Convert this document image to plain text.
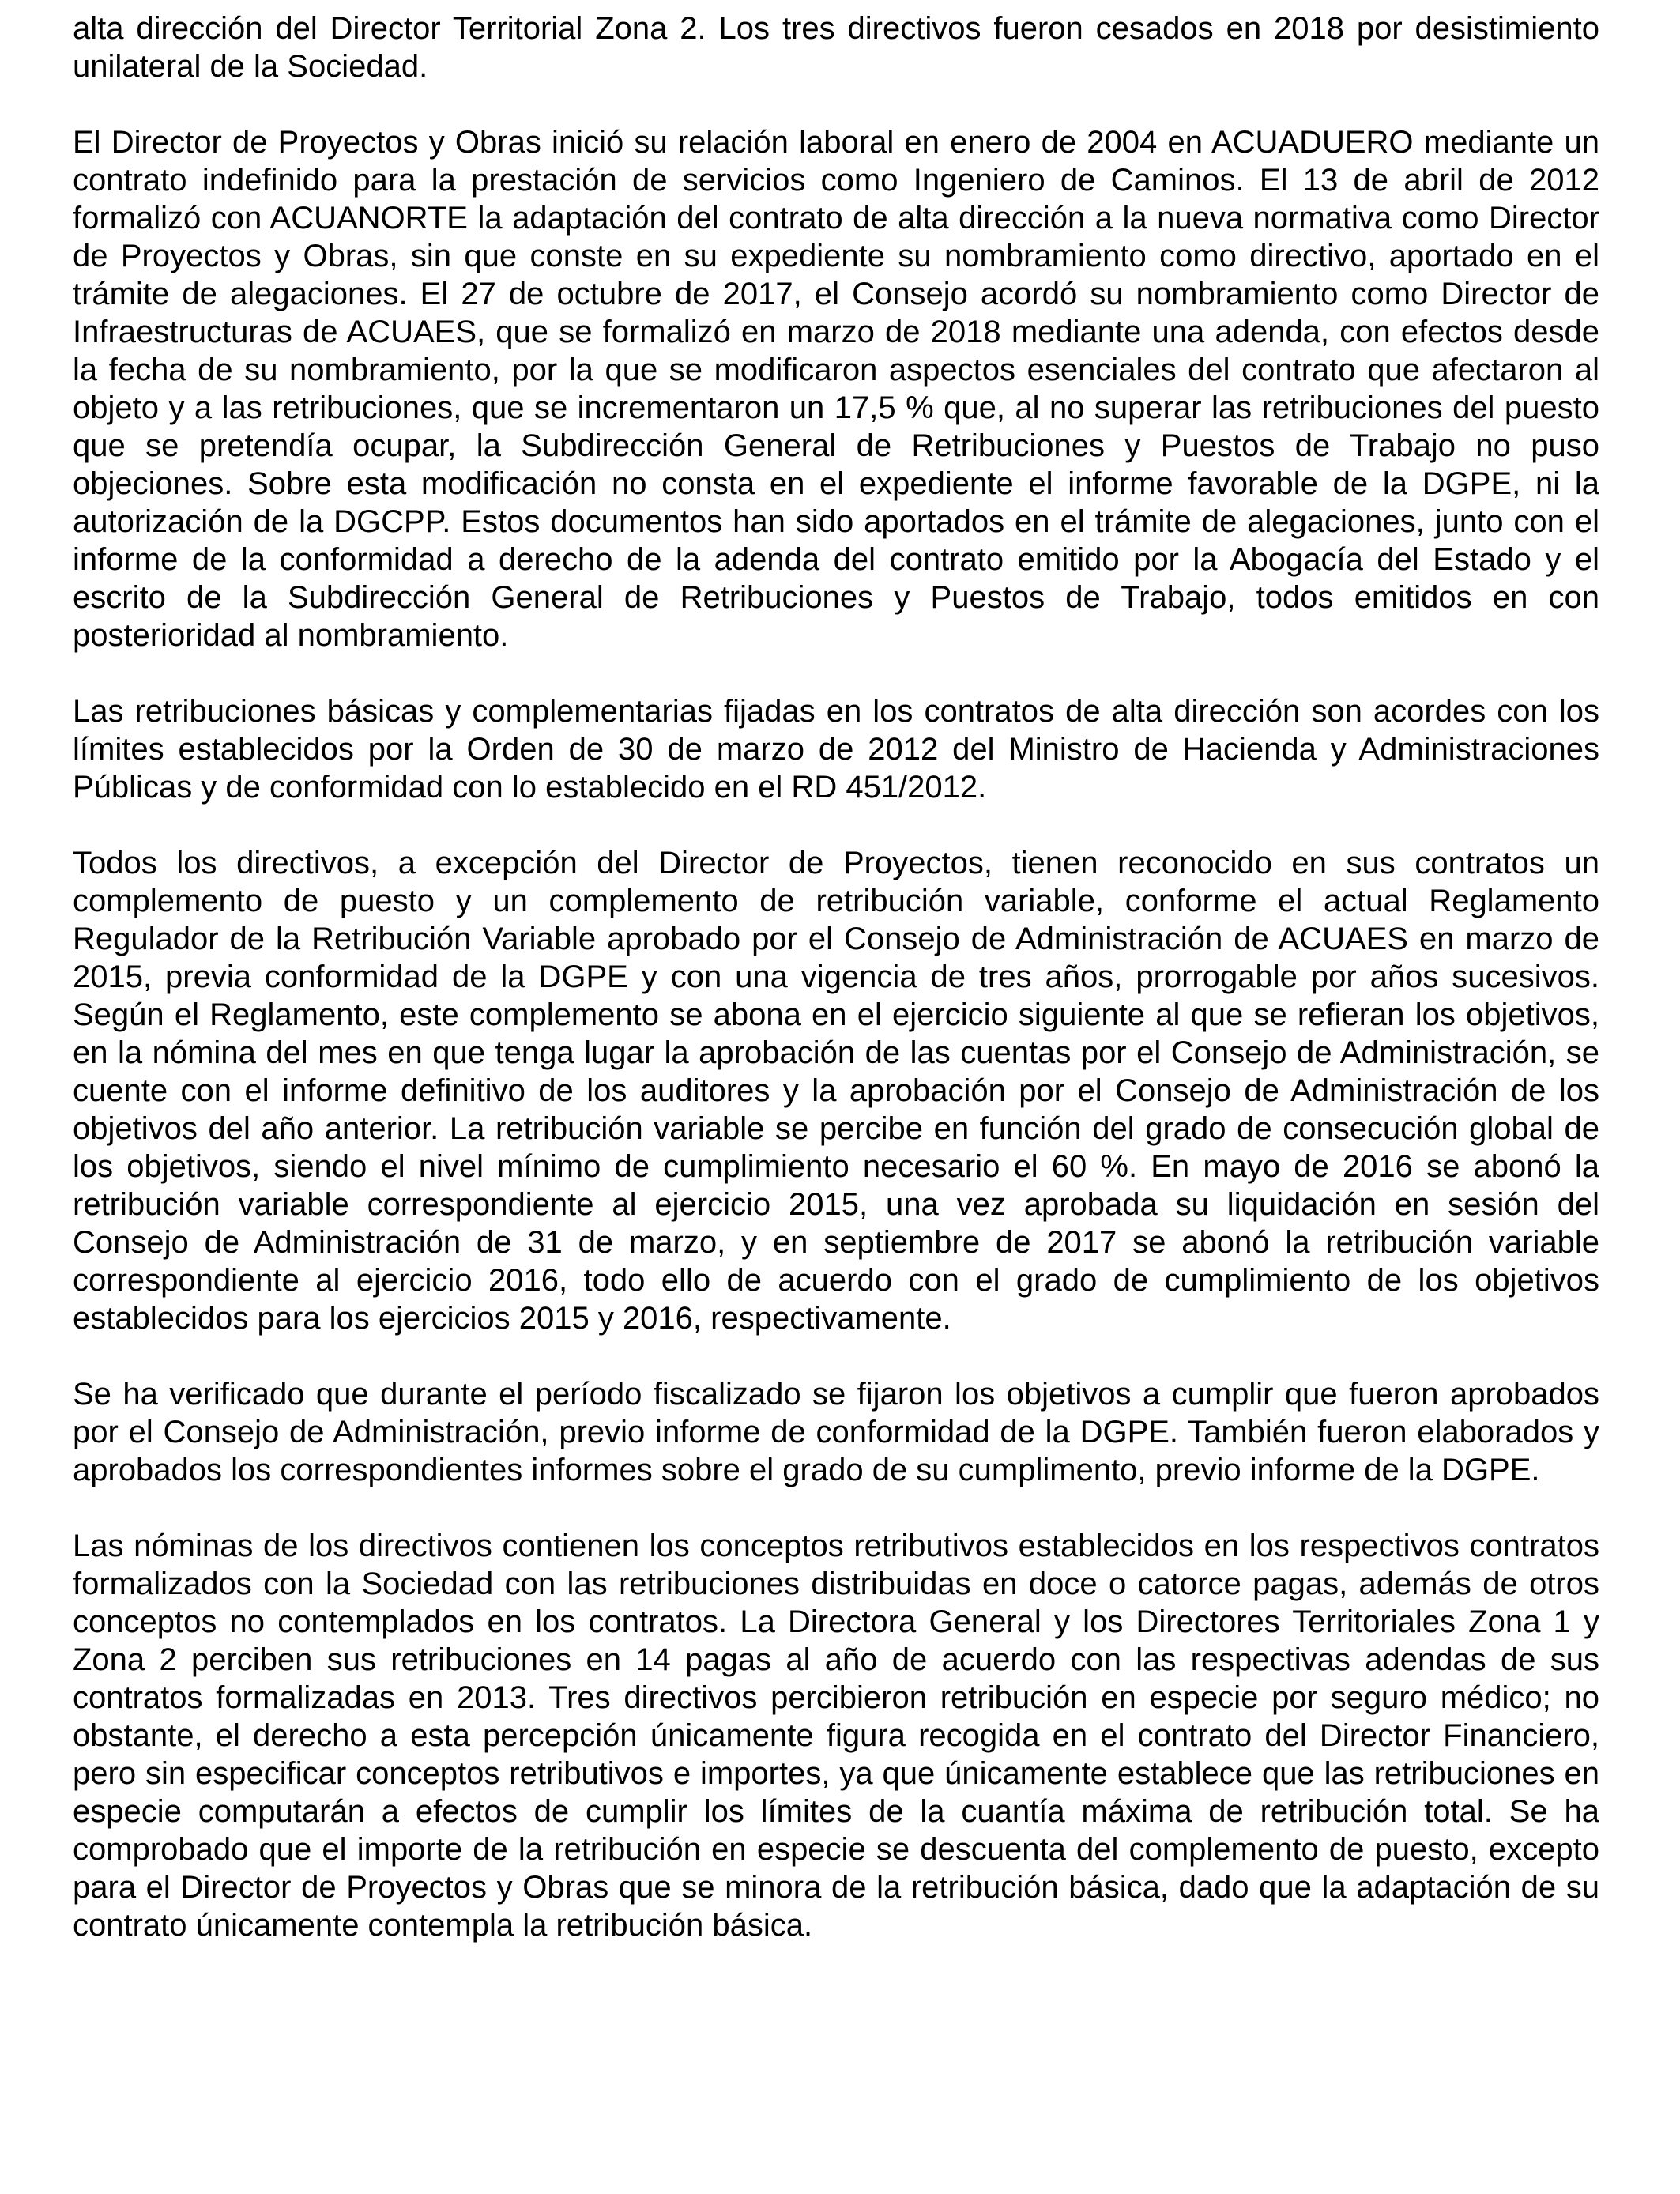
alta dirección del Director Territorial Zona 2. Los tres directivos fueron cesados en 2018 por desistimiento unilateral de la Sociedad.

El Director de Proyectos y Obras inició su relación laboral en enero de 2004 en ACUADUERO mediante un contrato indefinido para la prestación de servicios como Ingeniero de Caminos. El 13 de abril de 2012 formalizó con ACUANORTE la adaptación del contrato de alta dirección a la nueva normativa como Director de Proyectos y Obras, sin que conste en su expediente su nombramiento como directivo, aportado en el trámite de alegaciones. El 27 de octubre de 2017, el Consejo acordó su nombramiento como Director de Infraestructuras de ACUAES, que se formalizó en marzo de 2018 mediante una adenda, con efectos desde la fecha de su nombramiento, por la que se modificaron aspectos esenciales del contrato que afectaron al objeto y a las retribuciones, que se incrementaron un 17,5 % que, al no superar las retribuciones del puesto que se pretendía ocupar, la Subdirección General de Retribuciones y Puestos de Trabajo no puso objeciones. Sobre esta modificación no consta en el expediente el informe favorable de la DGPE, ni la autorización de la DGCPP. Estos documentos han sido aportados en el trámite de alegaciones, junto con el informe de la conformidad a derecho de la adenda del contrato emitido por la Abogacía del Estado y el escrito de la Subdirección General de Retribuciones y Puestos de Trabajo, todos emitidos en con posterioridad al nombramiento.

Las retribuciones básicas y complementarias fijadas en los contratos de alta dirección son acordes con los límites establecidos por la Orden de 30 de marzo de 2012 del Ministro de Hacienda y Administraciones Públicas y de conformidad con lo establecido en el RD 451/2012.

Todos los directivos, a excepción del Director de Proyectos, tienen reconocido en sus contratos un complemento de puesto y un complemento de retribución variable, conforme el actual Reglamento Regulador de la Retribución Variable aprobado por el Consejo de Administración de ACUAES en marzo de 2015, previa conformidad de la DGPE y con una vigencia de tres años, prorrogable por años sucesivos. Según el Reglamento, este complemento se abona en el ejercicio siguiente al que se refieran los objetivos, en la nómina del mes en que tenga lugar la aprobación de las cuentas por el Consejo de Administración, se cuente con el informe definitivo de los auditores y la aprobación por el Consejo de Administración de los objetivos del año anterior. La retribución variable se percibe en función del grado de consecución global de los objetivos, siendo el nivel mínimo de cumplimiento necesario el 60 %. En mayo de 2016 se abonó la retribución variable correspondiente al ejercicio 2015, una vez aprobada su liquidación en sesión del Consejo de Administración de 31 de marzo, y en septiembre de 2017 se abonó la retribución variable correspondiente al ejercicio 2016, todo ello de acuerdo con el grado de cumplimiento de los objetivos establecidos para los ejercicios 2015 y 2016, respectivamente.

Se ha verificado que durante el período fiscalizado se fijaron los objetivos a cumplir que fueron aprobados por el Consejo de Administración, previo informe de conformidad de la DGPE. También fueron elaborados y aprobados los correspondientes informes sobre el grado de su cumplimento, previo informe de la DGPE.

Las nóminas de los directivos contienen los conceptos retributivos establecidos en los respectivos contratos formalizados con la Sociedad con las retribuciones distribuidas en doce o catorce pagas, además de otros conceptos no contemplados en los contratos. La Directora General y los Directores Territoriales Zona 1 y Zona 2 perciben sus retribuciones en 14 pagas al año de acuerdo con las respectivas adendas de sus contratos formalizadas en 2013. Tres directivos percibieron retribución en especie por seguro médico; no obstante, el derecho a esta percepción únicamente figura recogida en el contrato del Director Financiero, pero sin especificar conceptos retributivos e importes, ya que únicamente establece que las retribuciones en especie computarán a efectos de cumplir los límites de la cuantía máxima de retribución total. Se ha comprobado que el importe de la retribución en especie se descuenta del complemento de puesto, excepto para el Director de Proyectos y Obras que se minora de la retribución básica, dado que la adaptación de su contrato únicamente contempla la retribución básica.
